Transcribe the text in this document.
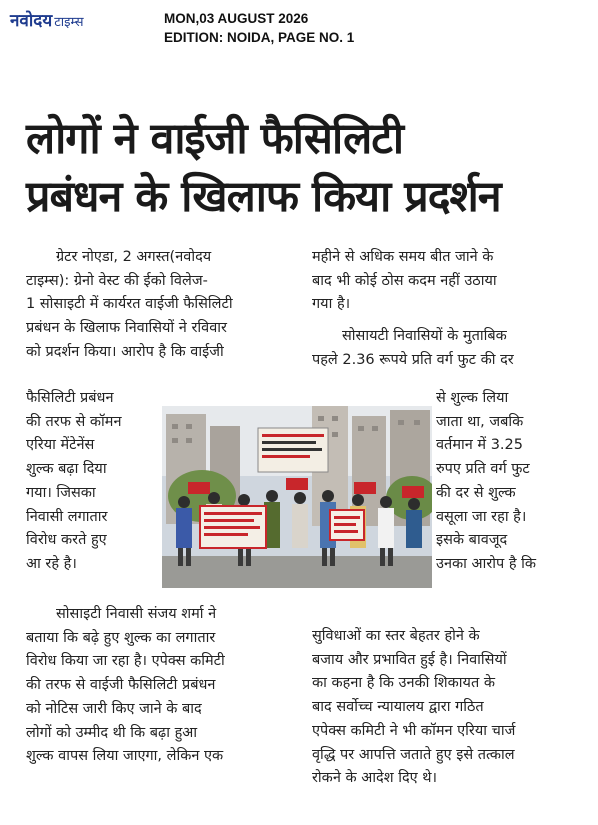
नवोदय टाइम्स	MON,03 AUGUST 2026
EDITION: NOIDA, PAGE NO. 1
लोगों ने वाईजी फैसिलिटी
प्रबंधन के खिलाफ किया प्रदर्शन
ग्रेटर नोएडा, 2 अगस्त(नवोदय
टाइम्स): ग्रेनो वेस्ट की ईको विलेज-
1 सोसाइटी में कार्यरत वाईजी फैसिलिटी
प्रबंधन के खिलाफ निवासियों ने रविवार
को प्रदर्शन किया। आरोप है कि वाईजी
फैसिलिटी प्रबंधन
की तरफ से कॉमन
एरिया मेंटेनेंस
शुल्क बढ़ा दिया
गया। जिसका
निवासी लगातार
विरोध करते हुए
आ रहे है।
सोसाइटी निवासी संजय शर्मा ने
बताया कि बढ़े हुए शुल्क का लगातार
विरोध किया जा रहा है। एपेक्स कमिटी
की तरफ से वाईजी फैसिलिटी प्रबंधन
को नोटिस जारी किए जाने के बाद
लोगों को उम्मीद थी कि बढ़ा हुआ
शुल्क वापस लिया जाएगा, लेकिन एक
महीने से अधिक समय बीत जाने के
बाद भी कोई ठोस कदम नहीं उठाया
गया है।
सोसायटी निवासियों के मुताबिक
पहले 2.36 रूपये प्रति वर्ग फुट की दर
से शुल्क लिया
जाता था, जबकि
वर्तमान में 3.25
रुपए प्रति वर्ग फुट
की दर से शुल्क
वसूला जा रहा है।
इसके बावजूद
उनका आरोप है कि
सुविधाओं का स्तर बेहतर होने के
बजाय और प्रभावित हुई है। निवासियों
का कहना है कि उनकी शिकायत के
बाद सर्वोच्च न्यायालय द्वारा गठित
एपेक्स कमिटी ने भी कॉमन एरिया चार्ज
वृद्धि पर आपत्ति जताते हुए इसे तत्काल
रोकने के आदेश दिए थे।
